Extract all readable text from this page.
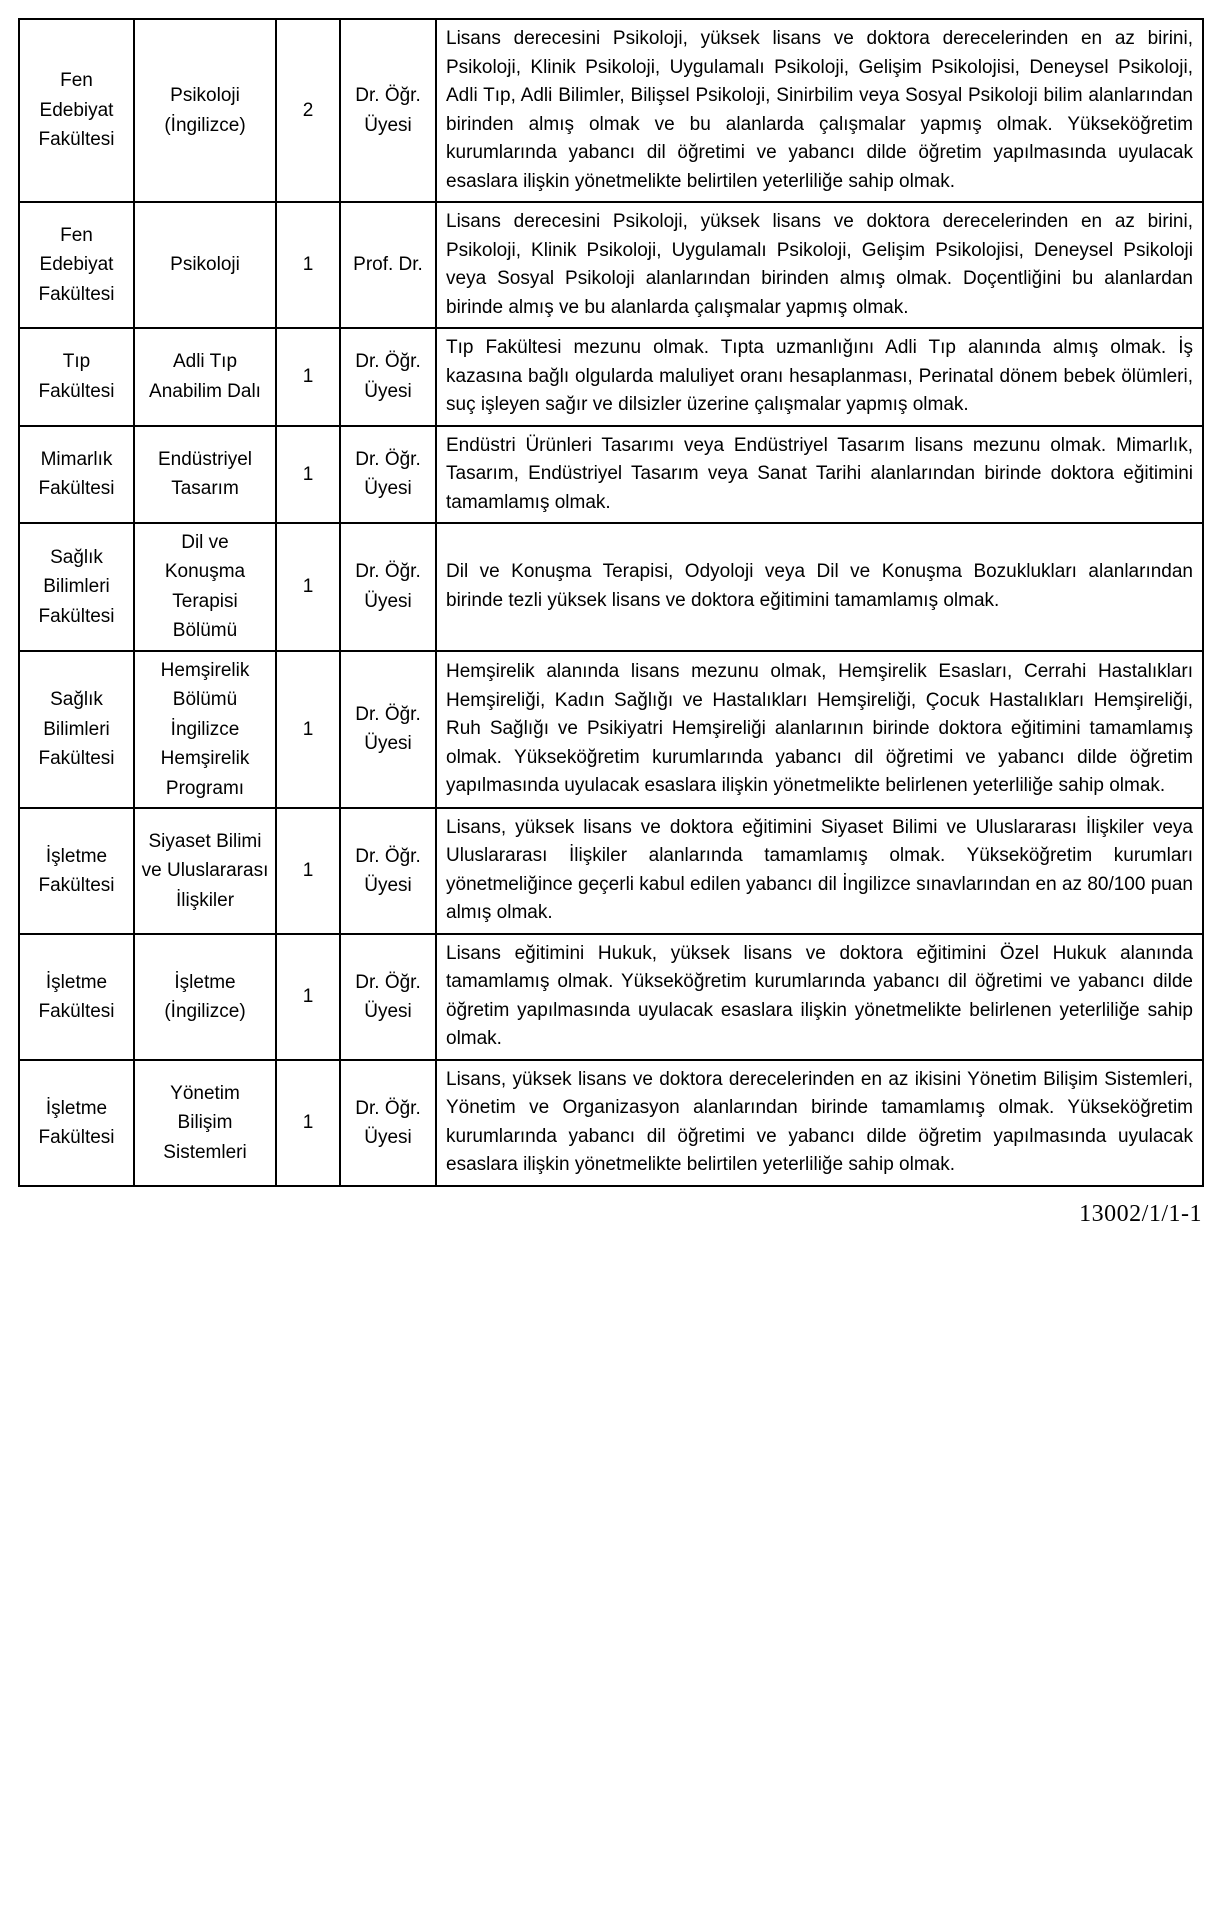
Fen Edebiyat Fakültesi	Psikoloji (İngilizce)	2	Dr. Öğr. Üyesi	Lisans derecesini Psikoloji, yüksek lisans ve doktora derecelerinden en az birini, Psikoloji, Klinik Psikoloji, Uygulamalı Psikoloji, Gelişim Psikolojisi, Deneysel Psikoloji, Adli Tıp, Adli Bilimler, Bilişsel Psikoloji, Sinirbilim veya Sosyal Psikoloji bilim alanlarından birinden almış olmak ve bu alanlarda çalışmalar yapmış olmak. Yükseköğretim kurumlarında yabancı dil öğretimi ve yabancı dilde öğretim yapılmasında uyulacak esaslara ilişkin yönetmelikte belirtilen yeterliliğe sahip olmak.
Fen Edebiyat Fakültesi	Psikoloji	1	Prof. Dr.	Lisans derecesini Psikoloji, yüksek lisans ve doktora derecelerinden en az birini, Psikoloji, Klinik Psikoloji, Uygulamalı Psikoloji, Gelişim Psikolojisi, Deneysel Psikoloji veya Sosyal Psikoloji alanlarından birinden almış olmak. Doçentliğini bu alanlardan birinde almış ve bu alanlarda çalışmalar yapmış olmak.
Tıp Fakültesi	Adli Tıp Anabilim Dalı	1	Dr. Öğr. Üyesi	Tıp Fakültesi mezunu olmak. Tıpta uzmanlığını Adli Tıp alanında almış olmak. İş kazasına bağlı olgularda maluliyet oranı hesaplanması, Perinatal dönem bebek ölümleri, suç işleyen sağır ve dilsizler üzerine çalışmalar yapmış olmak.
Mimarlık Fakültesi	Endüstriyel Tasarım	1	Dr. Öğr. Üyesi	Endüstri Ürünleri Tasarımı veya Endüstriyel Tasarım lisans mezunu olmak. Mimarlık, Tasarım, Endüstriyel Tasarım veya Sanat Tarihi alanlarından birinde doktora eğitimini tamamlamış olmak.
Sağlık Bilimleri Fakültesi	Dil ve Konuşma Terapisi Bölümü	1	Dr. Öğr. Üyesi	Dil ve Konuşma Terapisi, Odyoloji veya Dil ve Konuşma Bozuklukları alanlarından birinde tezli yüksek lisans ve doktora eğitimini tamamlamış olmak.
Sağlık Bilimleri Fakültesi	Hemşirelik Bölümü İngilizce Hemşirelik Programı	1	Dr. Öğr. Üyesi	Hemşirelik alanında lisans mezunu olmak, Hemşirelik Esasları, Cerrahi Hastalıkları Hemşireliği, Kadın Sağlığı ve Hastalıkları Hemşireliği, Çocuk Hastalıkları Hemşireliği, Ruh Sağlığı ve Psikiyatri Hemşireliği alanlarının birinde doktora eğitimini tamamlamış olmak. Yükseköğretim kurumlarında yabancı dil öğretimi ve yabancı dilde öğretim yapılmasında uyulacak esaslara ilişkin yönetmelikte belirlenen yeterliliğe sahip olmak.
İşletme Fakültesi	Siyaset Bilimi ve Uluslararası İlişkiler	1	Dr. Öğr. Üyesi	Lisans, yüksek lisans ve doktora eğitimini Siyaset Bilimi ve Uluslararası İlişkiler veya Uluslararası İlişkiler alanlarında tamamlamış olmak. Yükseköğretim kurumları yönetmeliğince geçerli kabul edilen yabancı dil İngilizce sınavlarından en az 80/100 puan almış olmak.
İşletme Fakültesi	İşletme (İngilizce)	1	Dr. Öğr. Üyesi	Lisans eğitimini Hukuk, yüksek lisans ve doktora eğitimini Özel Hukuk alanında tamamlamış olmak. Yükseköğretim kurumlarında yabancı dil öğretimi ve yabancı dilde öğretim yapılmasında uyulacak esaslara ilişkin yönetmelikte belirlenen yeterliliğe sahip olmak.
İşletme Fakültesi	Yönetim Bilişim Sistemleri	1	Dr. Öğr. Üyesi	Lisans, yüksek lisans ve doktora derecelerinden en az ikisini Yönetim Bilişim Sistemleri, Yönetim ve Organizasyon alanlarından birinde tamamlamış olmak. Yükseköğretim kurumlarında yabancı dil öğretimi ve yabancı dilde öğretim yapılmasında uyulacak esaslara ilişkin yönetmelikte belirtilen yeterliliğe sahip olmak.
13002/1/1-1
